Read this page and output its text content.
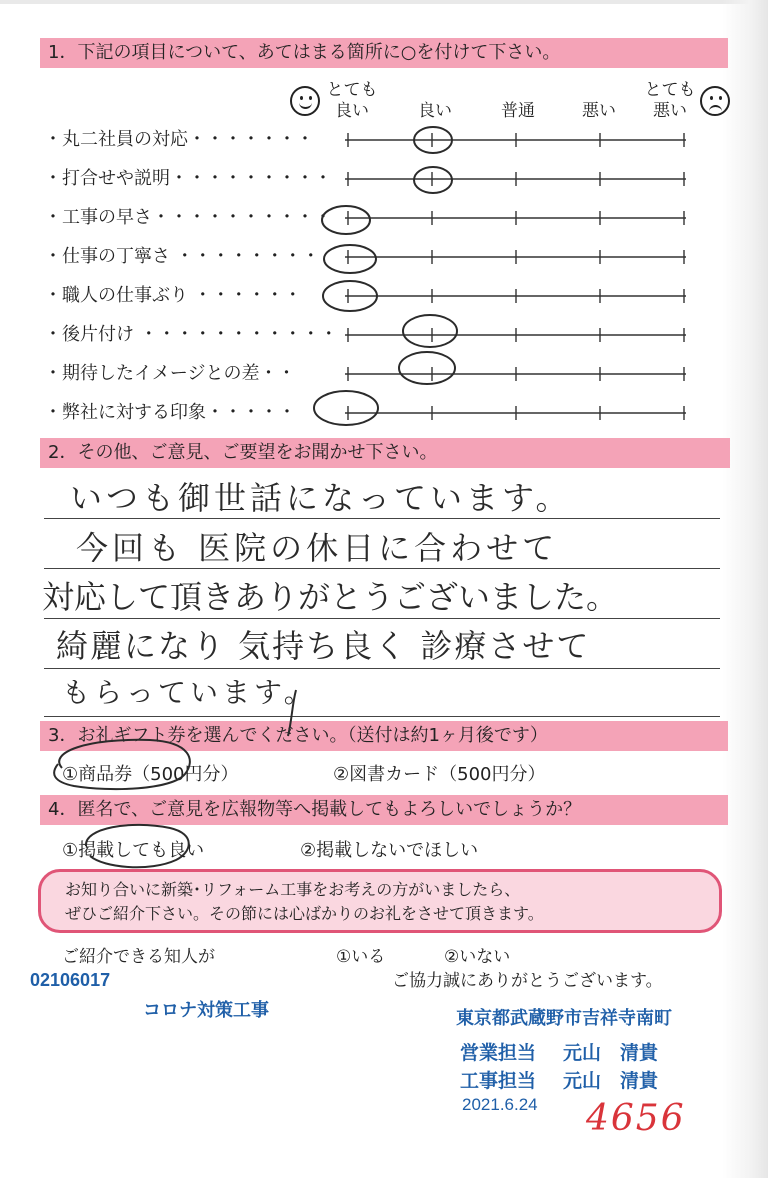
1．下記の項目について、あてはまる箇所に○を付けて下さい。
とても
良い	良い	普通	悪い
とても
悪い
・丸二社員の対応・・・・・・・
・打合せや説明・・・・・・・・・
・工事の早さ・・・・・・・・・・
・仕事の丁寧さ ・・・・・・・・
・職人の仕事ぶり ・・・・・・
・後片付け ・・・・・・・・・・・
・期待したイメージとの差・・
・弊社に対する印象・・・・・
2．その他、ご意見、ご要望をお聞かせ下さい。
いつも御世話になっています。
今回も 医院の休日に合わせて
対応して頂きありがとうございました。
綺麗になり 気持ち良く 診療させて
もらっています。
3．お礼ギフト券を選んでください。（送付は約1ヶ月後です）
①商品券（500円分）	②図書カード（500円分）
4．匿名で、ご意見を広報物等へ掲載してもよろしいでしょうか？
①掲載しても良い	②掲載しないでほしい
お知り合いに新築･リフォーム工事をお考えの方がいましたら、
ぜひご紹介下さい。その節には心ばかりのお礼をさせて頂きます。
ご紹介できる知人が	①いる	②いない
ご協力誠にありがとうございます。
02106017
コロナ対策工事	東京都武蔵野市吉祥寺南町
営業担当 元山　清貴
工事担当 元山　清貴
2021.6.24 4656
